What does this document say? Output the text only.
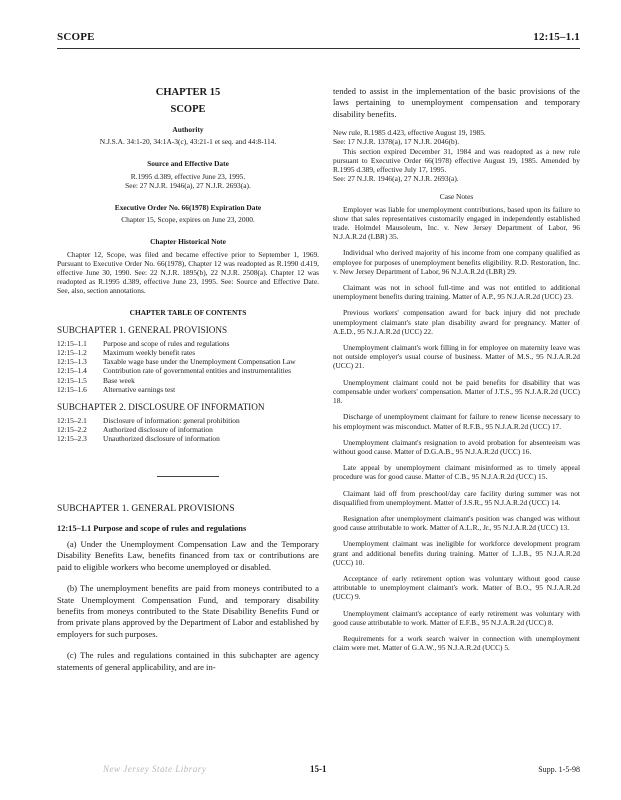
SCOPE	12:15–1.1
CHAPTER 15
SCOPE
Authority
N.J.S.A. 34:1-20, 34:1A-3(c), 43:21-1 et seq. and 44:8-114.
Source and Effective Date
R.1995 d.389, effective June 23, 1995.
See: 27 N.J.R. 1946(a), 27 N.J.R. 2693(a).
Executive Order No. 66(1978) Expiration Date
Chapter 15, Scope, expires on June 23, 2000.
Chapter Historical Note

Chapter 12, Scope, was filed and became effective prior to September 1, 1969. Pursuant to Executive Order No. 66(1978), Chapter 12 was readopted as R.1990 d.419, effective June 30, 1990. See: 22 N.J.R. 1895(b), 22 N.J.R. 2508(a). Chapter 12 was readopted as R.1995 d.389, effective June 23, 1995. See: Source and Effective Date. See, also, section annotations.

CHAPTER TABLE OF CONTENTS
SUBCHAPTER 1. GENERAL PROVISIONS
12:15–1.1	Purpose and scope of rules and regulations
12:15–1.2	Maximum weekly benefit rates
12:15–1.3	Taxable wage base under the Unemployment Compensation Law
12:15–1.4	Contribution rate of governmental entities and instrumentalities
12:15–1.5	Base week
12:15–1.6	Alternative earnings test
SUBCHAPTER 2. DISCLOSURE OF INFORMATION
12:15–2.1	Disclosure of information: general prohibition
12:15–2.2	Authorized disclosure of information
12:15–2.3	Unauthorized disclosure of information
SUBCHAPTER 1. GENERAL PROVISIONS
12:15–1.1 Purpose and scope of rules and regulations

(a) Under the Unemployment Compensation Law and the Temporary Disability Benefits Law, benefits financed from tax or contributions are paid to eligible workers who become unemployed or disabled.

(b) The unemployment benefits are paid from moneys contributed to a State Unemployment Compensation Fund, and temporary disability benefits from moneys contributed to the State Disability Benefits Fund or from private plans approved by the Department of Labor and established by employers for such purposes.

(c) The rules and regulations contained in this subchapter are agency statements of general applicability, and are in-

tended to assist in the implementation of the basic provisions of the laws pertaining to unemployment compensation and temporary disability benefits.

New rule, R.1985 d.423, effective August 19, 1985.

See: 17 N.J.R. 1378(a), 17 N.J.R. 2046(b).

This section expired December 31, 1984 and was readopted as a new rule pursuant to Executive Order 66(1978) effective August 19, 1985. Amended by R.1995 d.389, effective July 17, 1995.

See: 27 N.J.R. 1946(a), 27 N.J.R. 2693(a).

Case Notes

Employer was liable for unemployment contributions, based upon its failure to show that sales representatives customarily engaged in independently established trade. Holmdel Mausoleum, Inc. v. New Jersey Department of Labor, 96 N.J.A.R.2d (LBR) 35.

Individual who derived majority of his income from one company qualified as employee for purposes of unemployment benefits eligibility. R.D. Restoration, Inc. v. New Jersey Department of Labor, 96 N.J.A.R.2d (LBR) 29.

Claimant was not in school full-time and was not entitled to additional unemployment benefits during training. Matter of A.P., 95 N.J.A.R.2d (UCC) 23.

Previous workers' compensation award for back injury did not preclude unemployment claimant's state plan disability award for pregnancy. Matter of A.E.D., 95 N.J.A.R.2d (UCC) 22.

Unemployment claimant's work filling in for employee on maternity leave was not outside employer's usual course of business. Matter of M.S., 95 N.J.A.R.2d (UCC) 21.

Unemployment claimant could not be paid benefits for disability that was compensable under workers' compensation. Matter of J.T.S., 95 N.J.A.R.2d (UCC) 18.

Discharge of unemployment claimant for failure to renew license necessary to his employment was misconduct. Matter of R.F.B., 95 N.J.A.R.2d (UCC) 17.

Unemployment claimant's resignation to avoid probation for absenteeism was without good cause. Matter of D.G.A.B., 95 N.J.A.R.2d (UCC) 16.

Late appeal by unemployment claimant misinformed as to timely appeal procedure was for good cause. Matter of C.B., 95 N.J.A.R.2d (UCC) 15.

Claimant laid off from preschool/day care facility during summer was not disqualified from unemployment. Matter of J.S.R., 95 N.J.A.R.2d (UCC) 14.

Resignation after unemployment claimant's position was changed was without good cause attributable to work. Matter of A.L.R., Jr., 95 N.J.A.R.2d (UCC) 13.

Unemployment claimant was ineligible for workforce development program grant and additional benefits during training. Matter of L.J.B., 95 N.J.A.R.2d (UCC) 10.

Acceptance of early retirement option was voluntary without good cause attributable to unemployment claimant's work. Matter of B.O., 95 N.J.A.R.2d (UCC) 9.

Unemployment claimant's acceptance of early retirement was voluntary with good cause attributable to work. Matter of E.F.B., 95 N.J.A.R.2d (UCC) 8.

Requirements for a work search waiver in connection with unemployment claim were met. Matter of G.A.W., 95 N.J.A.R.2d (UCC) 5.

New Jersey State Library	15-1	Supp. 1-5-98
